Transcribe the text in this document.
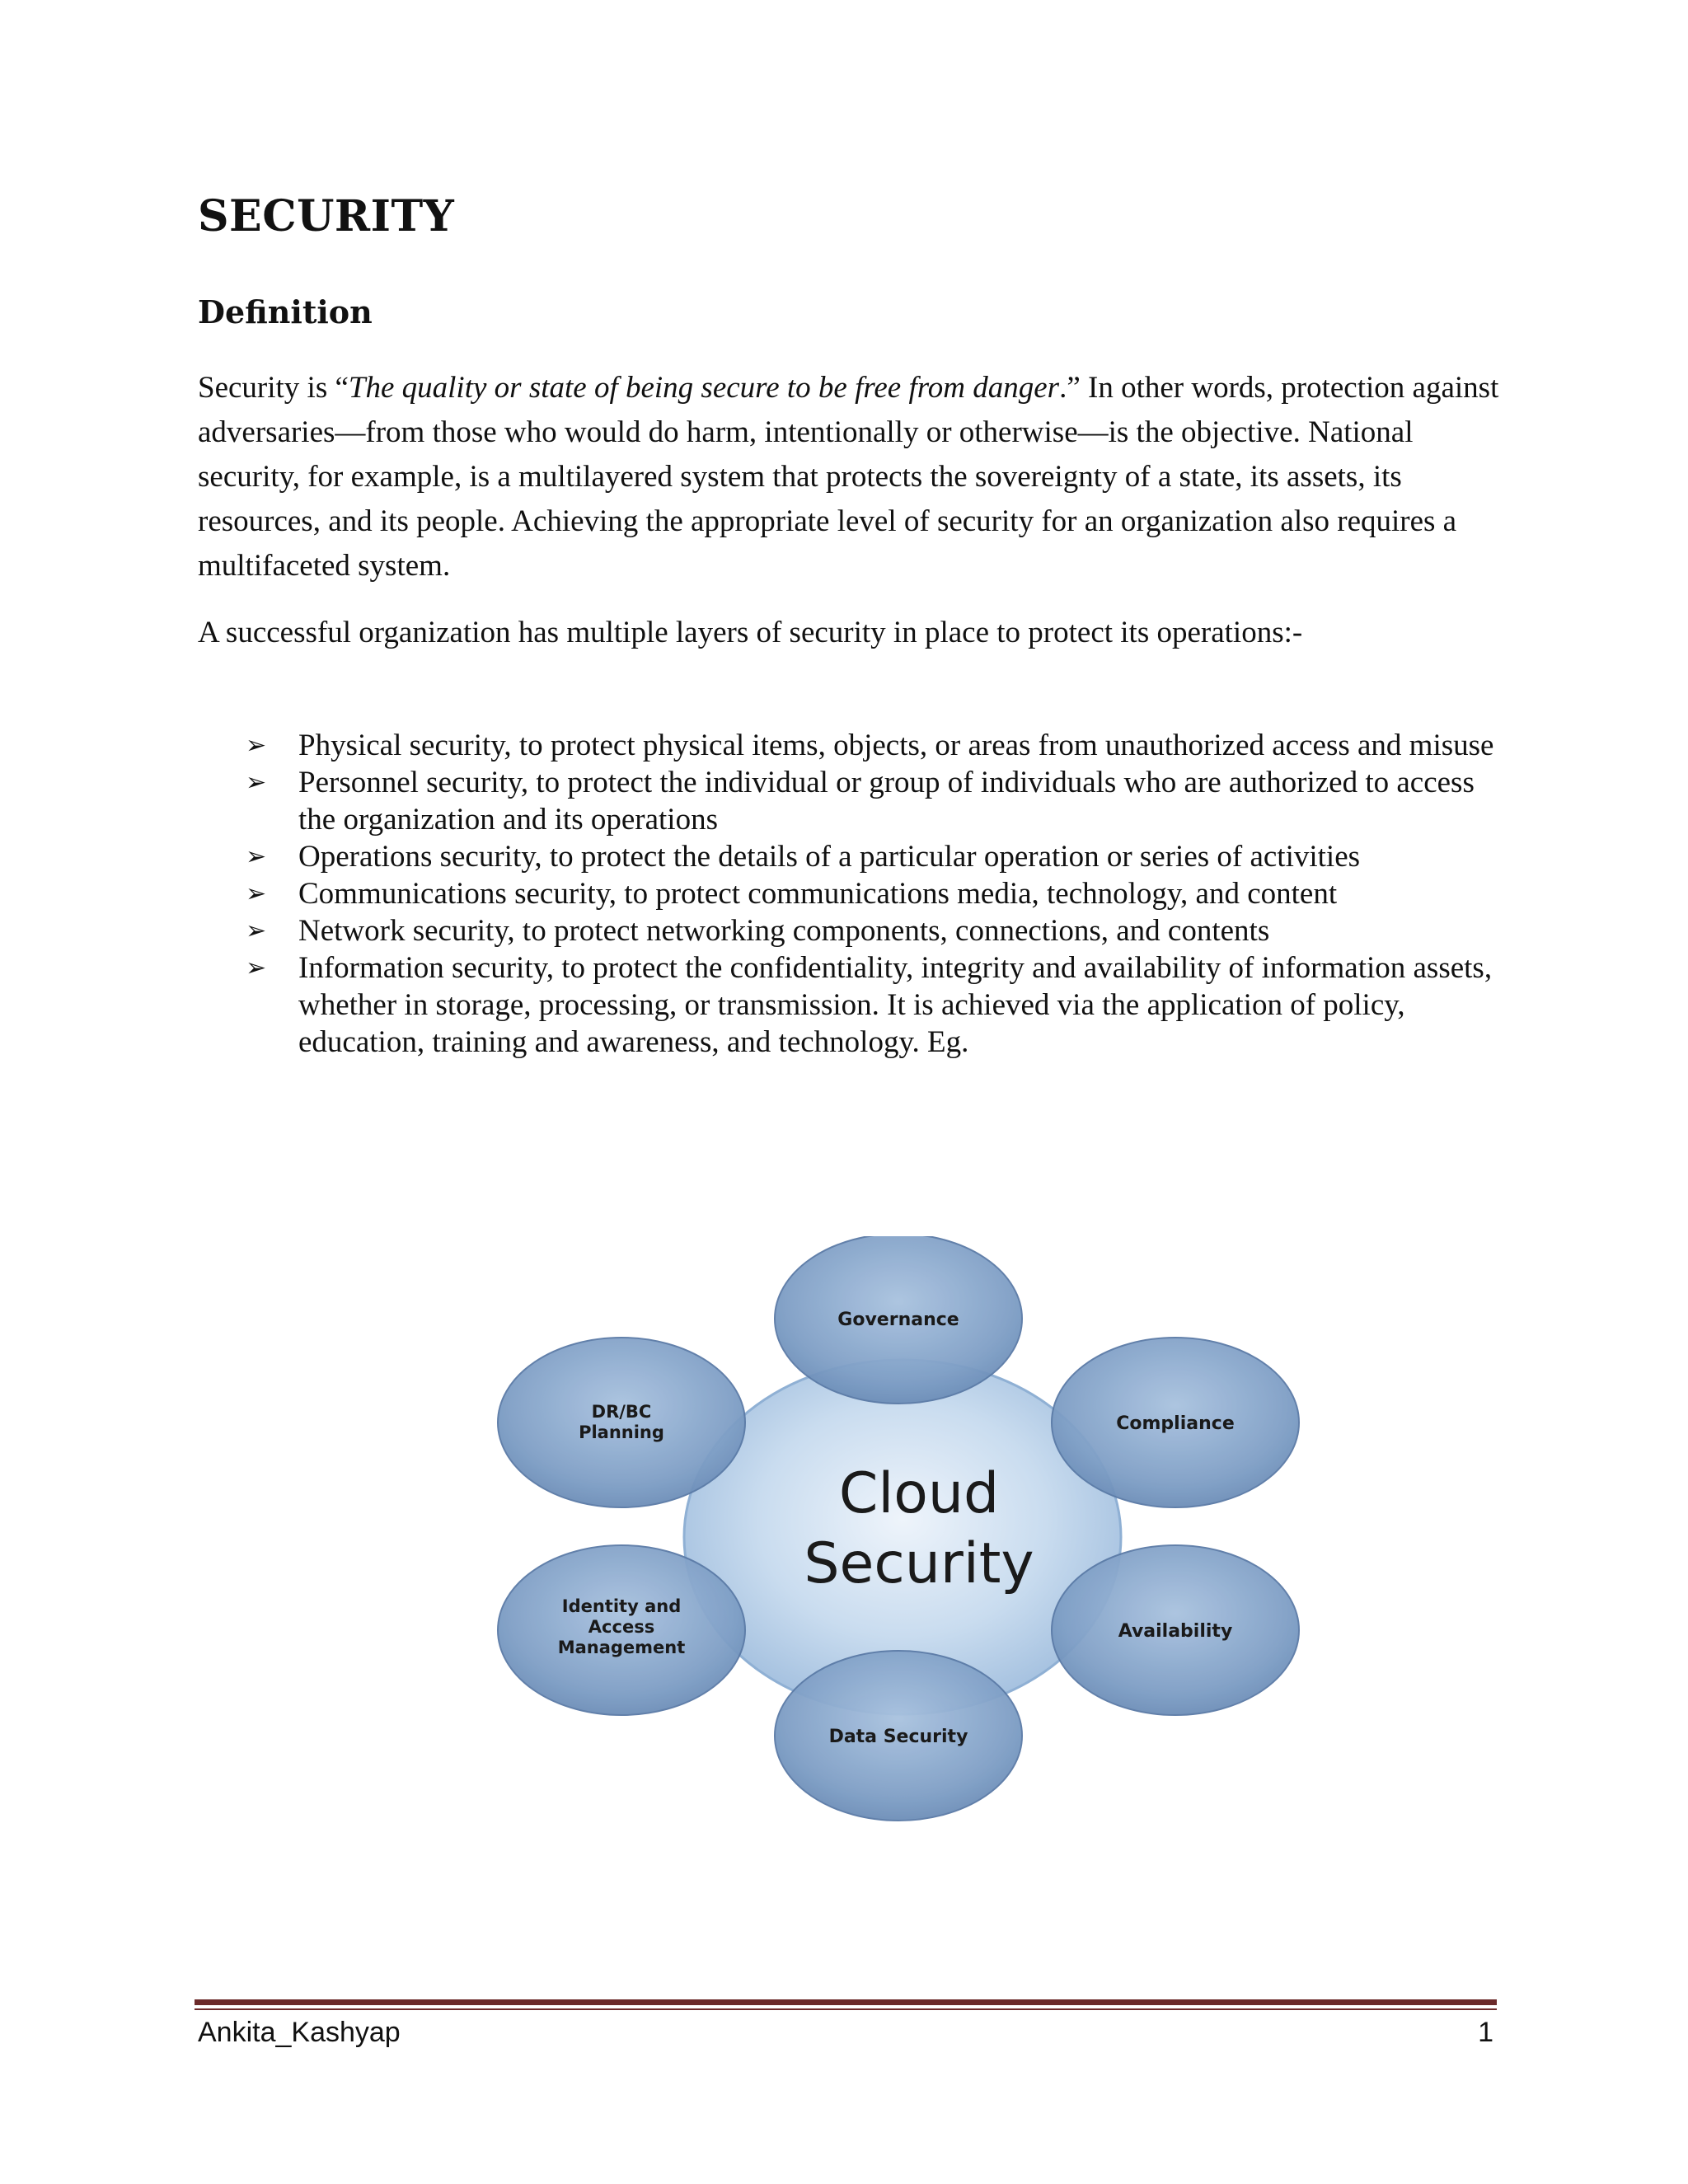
SECURITY
Definition
Security is “The quality or state of being secure to be free from danger.” In other words, protection against adversaries—from those who would do harm, intentionally or otherwise—is the objective. National security, for example, is a multilayered system that protects the sovereignty of a state, its assets, its resources, and its people. Achieving the appropriate level of security for an organization also requires a multifaceted system.
A successful organization has multiple layers of security in place to protect its operations:-
➢	Physical security, to protect physical items, objects, or areas from unauthorized access and misuse
➢	Personnel security, to protect the individual or group of individuals who are authorized to access the organization and its operations
➢	Operations security, to protect the details of a particular operation or series of activities
➢	Communications security, to protect communications media, technology, and content
➢	Network security, to protect networking components, connections, and contents
➢	Information security, to protect the confidentiality, integrity and availability of information assets, whether in storage, processing, or transmission. It is achieved via the application of policy, education, training and awareness, and technology. Eg.
Cloud
Security
Governance
Compliance
Availability
Data Security
Identity and
Access
Management
DR/BC
Planning
Ankita_Kashyap	1
